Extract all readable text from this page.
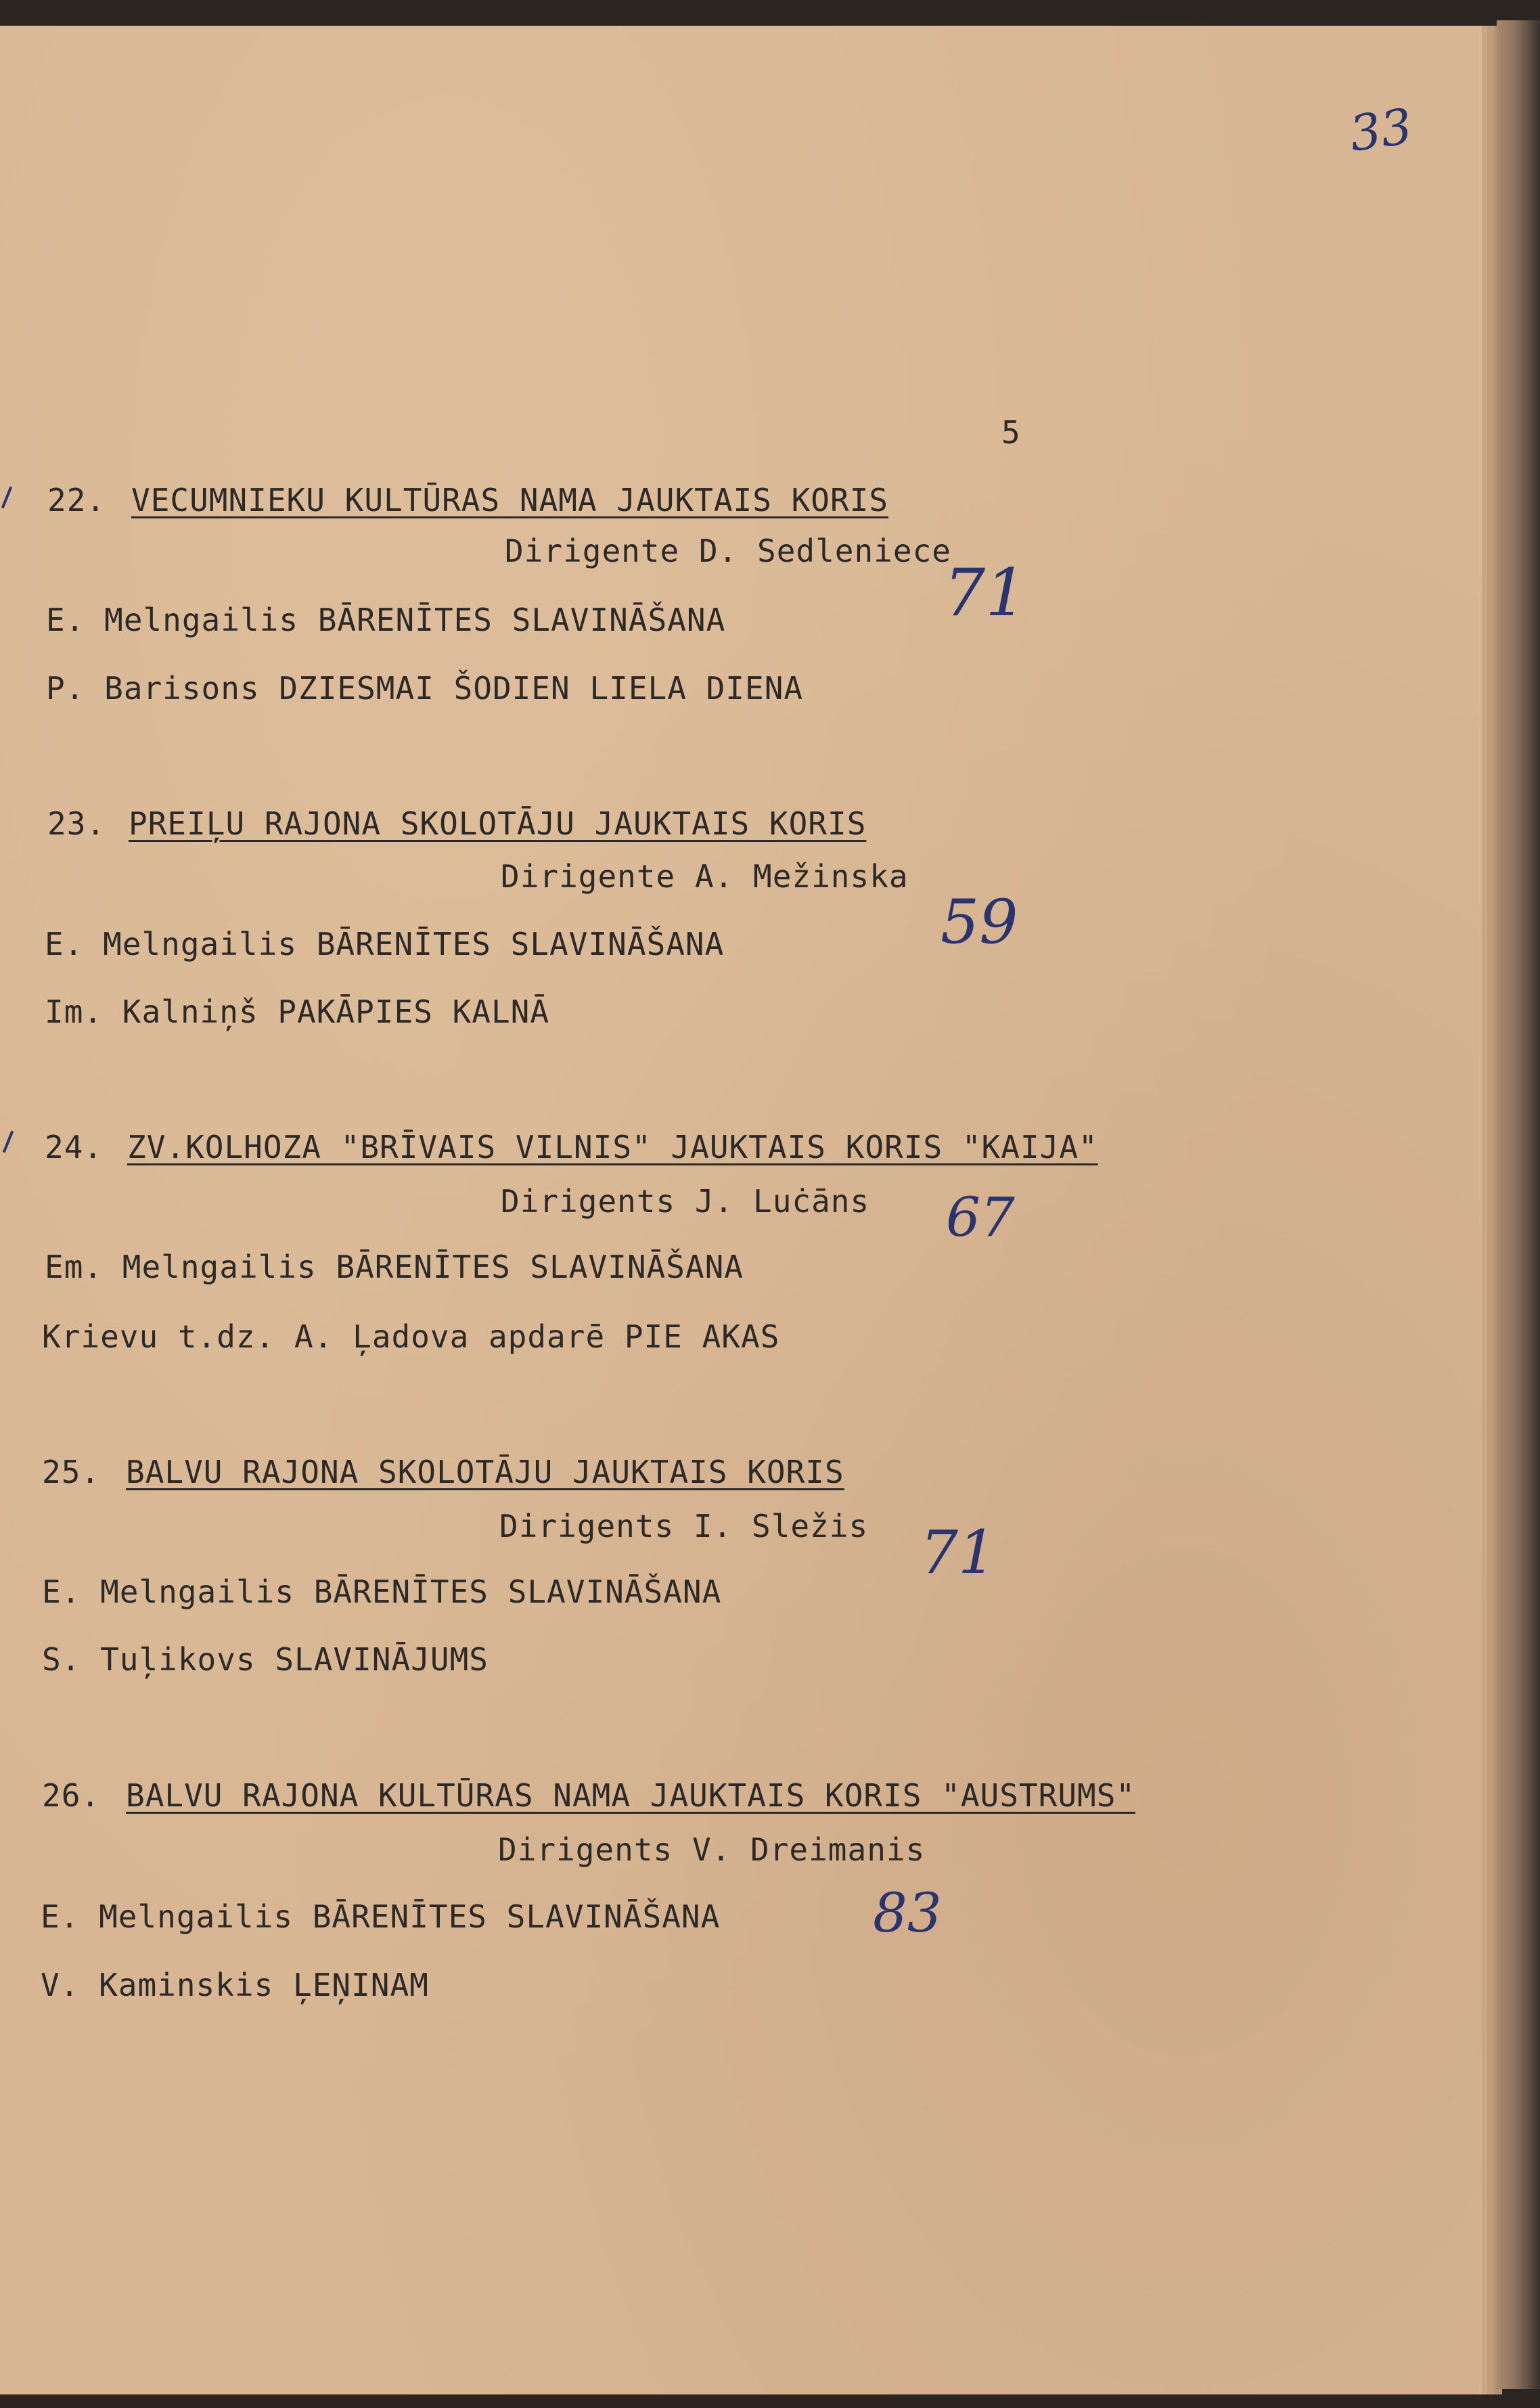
33
5
22. VECUMNIEKU KULTŪRAS NAMA JAUKTAIS KORIS
Dirigente D. Sedleniece
71
E. Melngailis BĀRENĪTES SLAVINĀŠANA
P. Barisons DZIESMAI ŠODIEN LIELA DIENA
23. PREIĻU RAJONA SKOLOTĀJU JAUKTAIS KORIS
Dirigente A. Mežinska
59
E. Melngailis BĀRENĪTES SLAVINĀŠANA
Im. Kalniņš PAKĀPIES KALNĀ
24. ZV.KOLHOZA "BRĪVAIS VILNIS" JAUKTAIS KORIS "KAIJA"
Dirigents J. Luċāns 67
Em. Melngailis BĀRENĪTES SLAVINĀŠANA
Krievu t.dz. A. Ļadova apdarē PIE AKAS
25. BALVU RAJONA SKOLOTĀJU JAUKTAIS KORIS
Dirigents I. Sležis 71
E. Melngailis BĀRENĪTES SLAVINĀŠANA
S. Tuļikovs SLAVINĀJUMS
26. BALVU RAJONA KULTŪRAS NAMA JAUKTAIS KORIS "AUSTRUMS"
Dirigents V. Dreimanis
83
E. Melngailis BĀRENĪTES SLAVINĀŠANA
V. Kaminskis ĻEŅINAM
